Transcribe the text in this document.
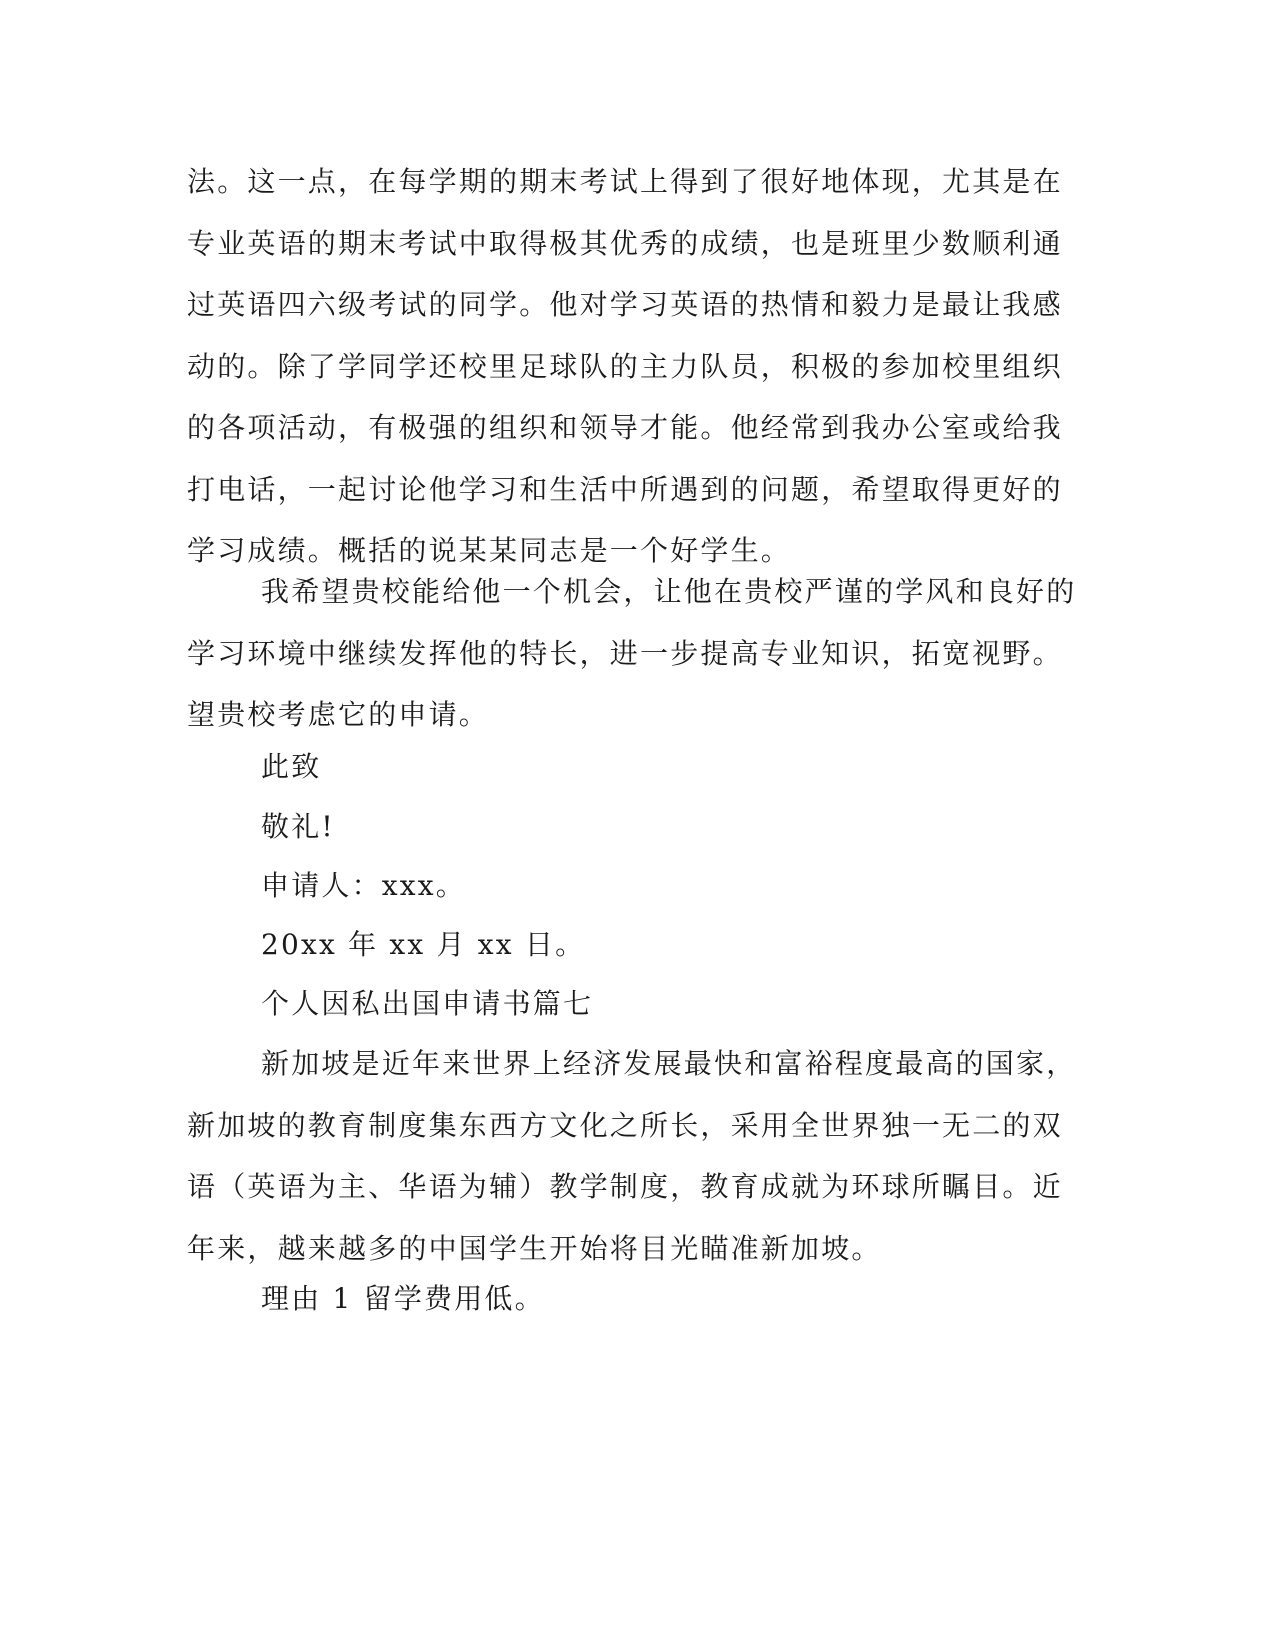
法。这一点，在每学期的期末考试上得到了很好地体现，尤其是在专业英语的期末考试中取得极其优秀的成绩，也是班里少数顺利通过英语四六级考试的同学。他对学习英语的热情和毅力是最让我感动的。除了学同学还校里足球队的主力队员，积极的参加校里组织的各项活动，有极强的组织和领导才能。他经常到我办公室或给我打电话，一起讨论他学习和生活中所遇到的问题，希望取得更好的学习成绩。概括的说某某同志是一个好学生。

我希望贵校能给他一个机会，让他在贵校严谨的学风和良好的学习环境中继续发挥他的特长，进一步提高专业知识，拓宽视野。望贵校考虑它的申请。

此致

敬礼!

申请人：xxx。

20xx 年 xx 月 xx 日。

个人因私出国申请书篇七

新加坡是近年来世界上经济发展最快和富裕程度最高的国家，新加坡的教育制度集东西方文化之所长，采用全世界独一无二的双语（英语为主、华语为辅）教学制度，教育成就为环球所瞩目。近年来，越来越多的中国学生开始将目光瞄准新加坡。

理由 1 留学费用低。
